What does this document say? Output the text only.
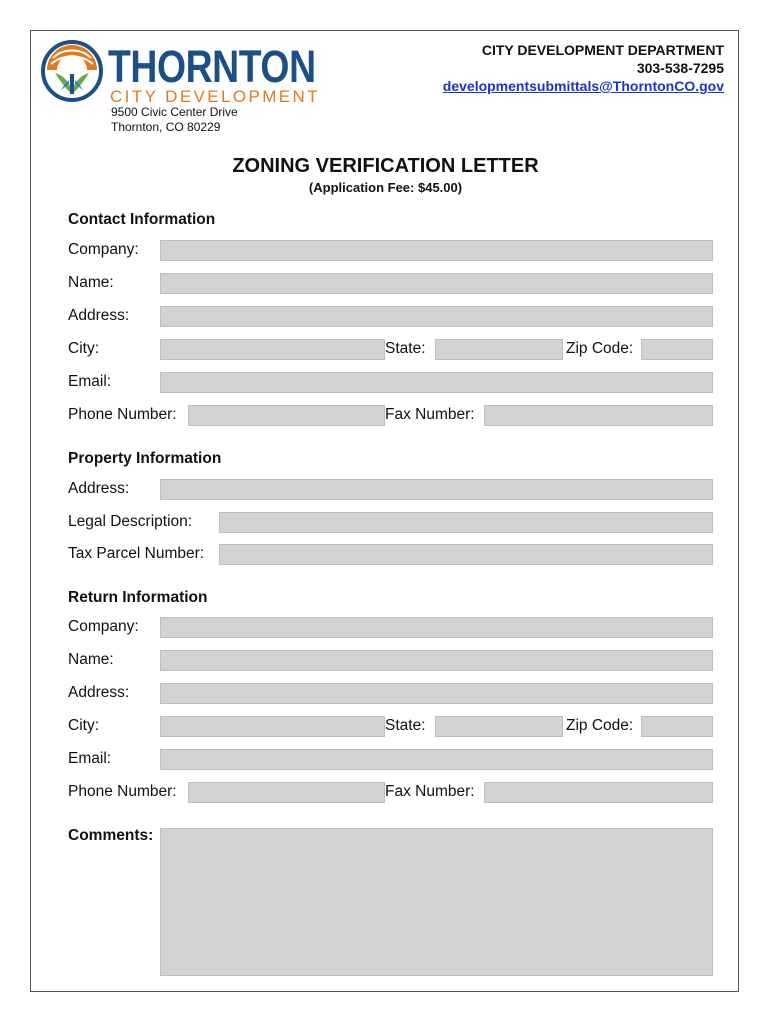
THORNTON
CITY DEVELOPMENT
9500 Civic Center Drive
Thornton, CO 80229
CITY DEVELOPMENT DEPARTMENT
303-538-7295
developmentsubmittals@ThorntonCO.gov
ZONING VERIFICATION LETTER
(Application Fee: $45.00)
Contact Information
Company:
Name:
Address:
City:	State:	Zip Code:
Email:
Phone Number:	Fax Number:
Property Information
Address:
Legal Description:
Tax Parcel Number:
Return Information
Company:
Name:
Address:
City:	State:	Zip Code:
Email:
Phone Number:	Fax Number:
Comments:
